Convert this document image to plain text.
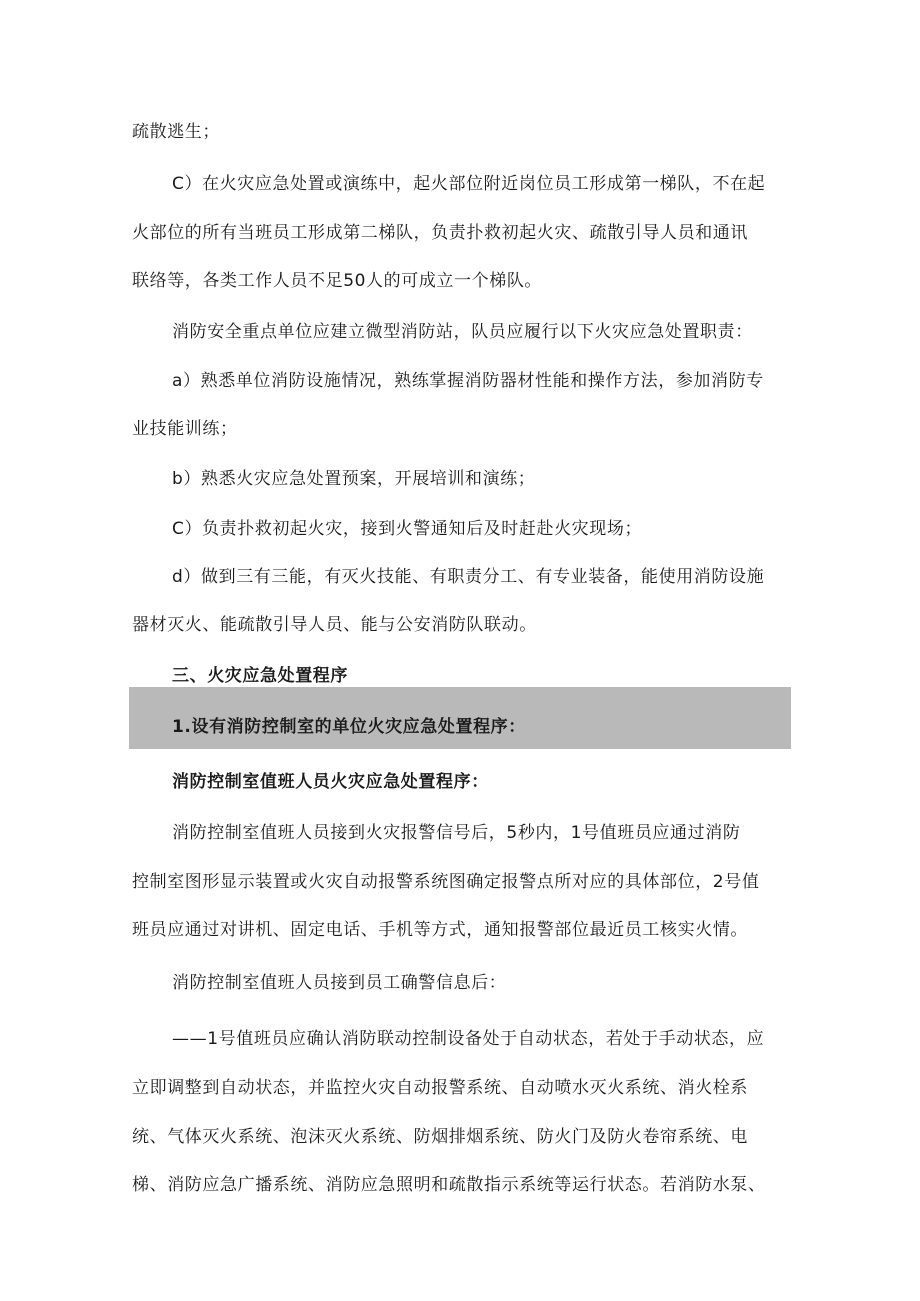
疏散逃生；
C）在火灾应急处置或演练中，起火部位附近岗位员工形成第一梯队，不在起
火部位的所有当班员工形成第二梯队，负责扑救初起火灾、疏散引导人员和通讯
联络等，各类工作人员不足50人的可成立一个梯队。
消防安全重点单位应建立微型消防站，队员应履行以下火灾应急处置职责：
a）熟悉单位消防设施情况，熟练掌握消防器材性能和操作方法，参加消防专
业技能训练；
b）熟悉火灾应急处置预案，开展培训和演练；
C）负责扑救初起火灾，接到火警通知后及时赶赴火灾现场；
d）做到三有三能，有灭火技能、有职责分工、有专业装备，能使用消防设施
器材灭火、能疏散引导人员、能与公安消防队联动。
三、火灾应急处置程序
1.设有消防控制室的单位火灾应急处置程序：
消防控制室值班人员火灾应急处置程序：
消防控制室值班人员接到火灾报警信号后，5秒内，1号值班员应通过消防
控制室图形显示装置或火灾自动报警系统图确定报警点所对应的具体部位，2号值
班员应通过对讲机、固定电话、手机等方式，通知报警部位最近员工核实火情。
消防控制室值班人员接到员工确警信息后：
——1号值班员应确认消防联动控制设备处于自动状态，若处于手动状态，应
立即调整到自动状态，并监控火灾自动报警系统、自动喷水灭火系统、消火栓系
统、气体灭火系统、泡沫灭火系统、防烟排烟系统、防火门及防火卷帘系统、电
梯、消防应急广播系统、消防应急照明和疏散指示系统等运行状态。若消防水泵、
